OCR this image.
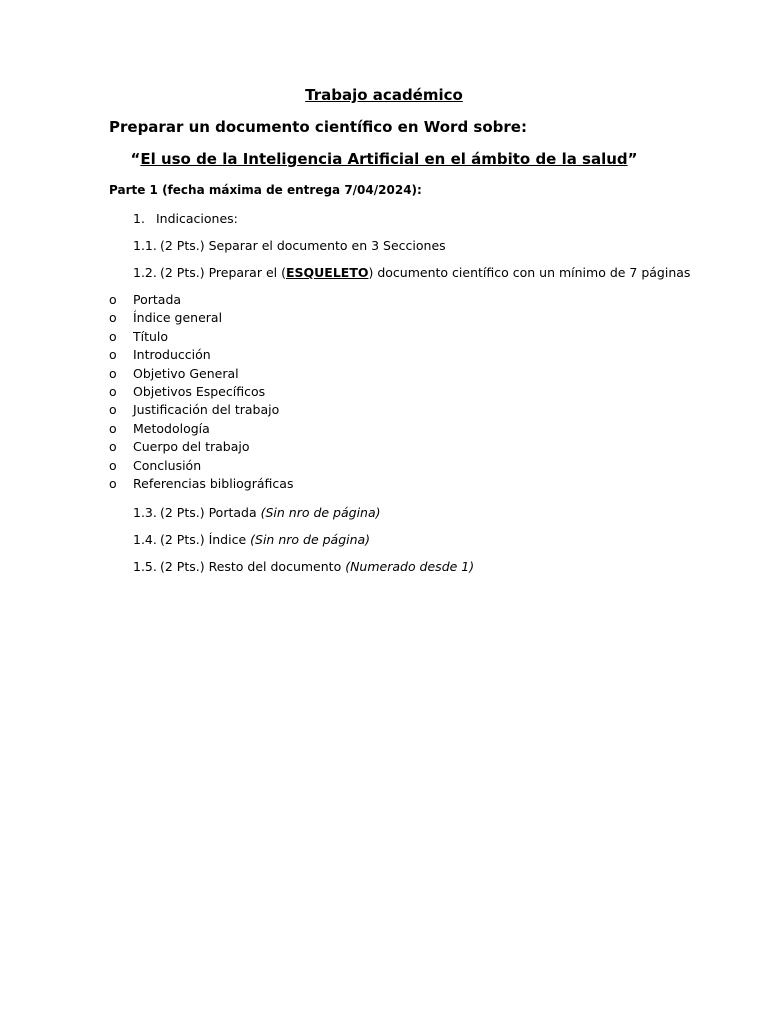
Trabajo académico
Preparar un documento científico en Word sobre:
“El uso de la Inteligencia Artificial en el ámbito de la salud”
Parte 1 (fecha máxima de entrega 7/04/2024):
1. Indicaciones:
1.1. (2 Pts.) Separar el documento en 3 Secciones
1.2. (2 Pts.) Preparar el (ESQUELETO) documento científico con un mínimo de 7 páginas
o Portada
o Índice general
o Título
o Introducción
o Objetivo General
o Objetivos Específicos
o Justificación del trabajo
o Metodología
o Cuerpo del trabajo
o Conclusión
o Referencias bibliográficas
1.3. (2 Pts.) Portada (Sin nro de página)
1.4. (2 Pts.) Índice (Sin nro de página)
1.5. (2 Pts.) Resto del documento (Numerado desde 1)
